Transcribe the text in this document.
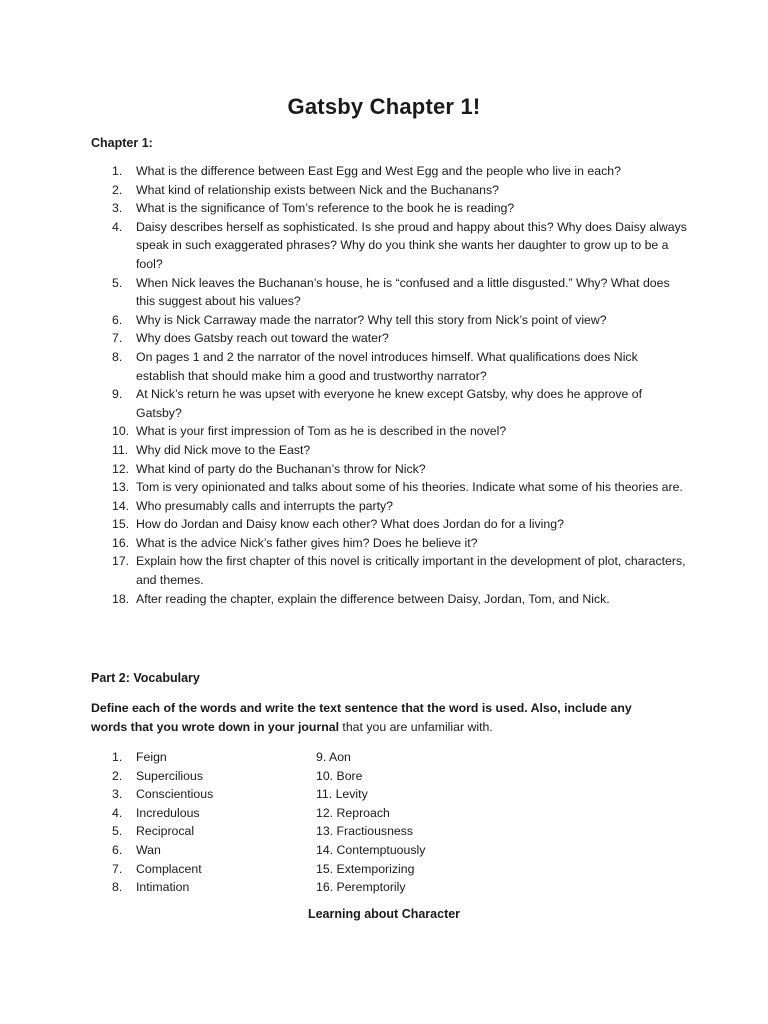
Gatsby Chapter 1!
Chapter 1:
1.	What is the difference between East Egg and West Egg and the people who live in each?
2.	What kind of relationship exists between Nick and the Buchanans?
3.	What is the significance of Tom’s reference to the book he is reading?
4.	Daisy describes herself as sophisticated. Is she proud and happy about this? Why does Daisy always speak in such exaggerated phrases? Why do you think she wants her daughter to grow up to be a fool?
5.	When Nick leaves the Buchanan’s house, he is “confused and a little disgusted.” Why? What does this suggest about his values?
6.	Why is Nick Carraway made the narrator? Why tell this story from Nick’s point of view?
7.	Why does Gatsby reach out toward the water?
8.	On pages 1 and 2 the narrator of the novel introduces himself. What qualifications does Nick establish that should make him a good and trustworthy narrator?
9.	At Nick’s return he was upset with everyone he knew except Gatsby, why does he approve of Gatsby?
10. What is your first impression of Tom as he is described in the novel?
11. Why did Nick move to the East?
12. What kind of party do the Buchanan’s throw for Nick?
13. Tom is very opinionated and talks about some of his theories. Indicate what some of his theories are.
14. Who presumably calls and interrupts the party?
15. How do Jordan and Daisy know each other? What does Jordan do for a living?
16. What is the advice Nick’s father gives him? Does he believe it?
17. Explain how the first chapter of this novel is critically important in the development of plot, characters, and themes.
18. After reading the chapter, explain the difference between Daisy, Jordan, Tom, and Nick.
Part 2: Vocabulary
Define each of the words and write the text sentence that the word is used. Also, include any words that you wrote down in your journal that you are unfamiliar with.
1.	Feign
2.	Supercilious
3.	Conscientious
4.	Incredulous
5.	Reciprocal
6.	Wan
7.	Complacent
8.	Intimation
9. Aon
10. Bore
11. Levity
12. Reproach
13. Fractiousness
14. Contemptuously
15. Extemporizing
16. Peremptorily
Learning about Character
